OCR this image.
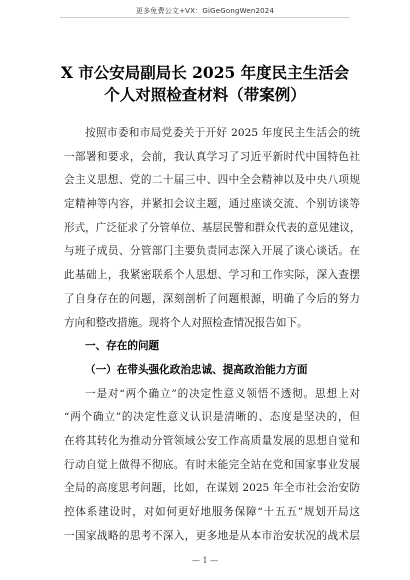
更多免费公文+VX：GiGeGongWen2024
X 市公安局副局长 2025 年度民主生活会
个人对照检查材料（带案例）
按照市委和市局党委关于开好 2025 年度民主生活会的统
一部署和要求，会前，我认真学习了习近平新时代中国特色社
会主义思想、党的二十届三中、四中全会精神以及中央八项规
定精神等内容，并紧扣会议主题，通过座谈交流、个别访谈等
形式，广泛征求了分管单位、基层民警和群众代表的意见建议，
与班子成员、分管部门主要负责同志深入开展了谈心谈话。在
此基础上，我紧密联系个人思想、学习和工作实际，深入查摆
了自身存在的问题，深刻剖析了问题根源，明确了今后的努力
方向和整改措施。现将个人对照检查情况报告如下。
一、存在的问题
（一）在带头强化政治忠诚、提高政治能力方面
一是对“两个确立”的决定性意义领悟不透彻。思想上对
“两个确立”的决定性意义认识是清晰的、态度是坚决的，但
在将其转化为推动分管领域公安工作高质量发展的思想自觉和
行动自觉上做得不彻底。有时未能完全站在党和国家事业发展
全局的高度思考问题，比如，在谋划 2025 年全市社会治安防
控体系建设时，对如何更好地服务保障“十五五”规划开局这
一国家战略的思考不深入，更多地是从本市治安状况的战术层
— 1 —
